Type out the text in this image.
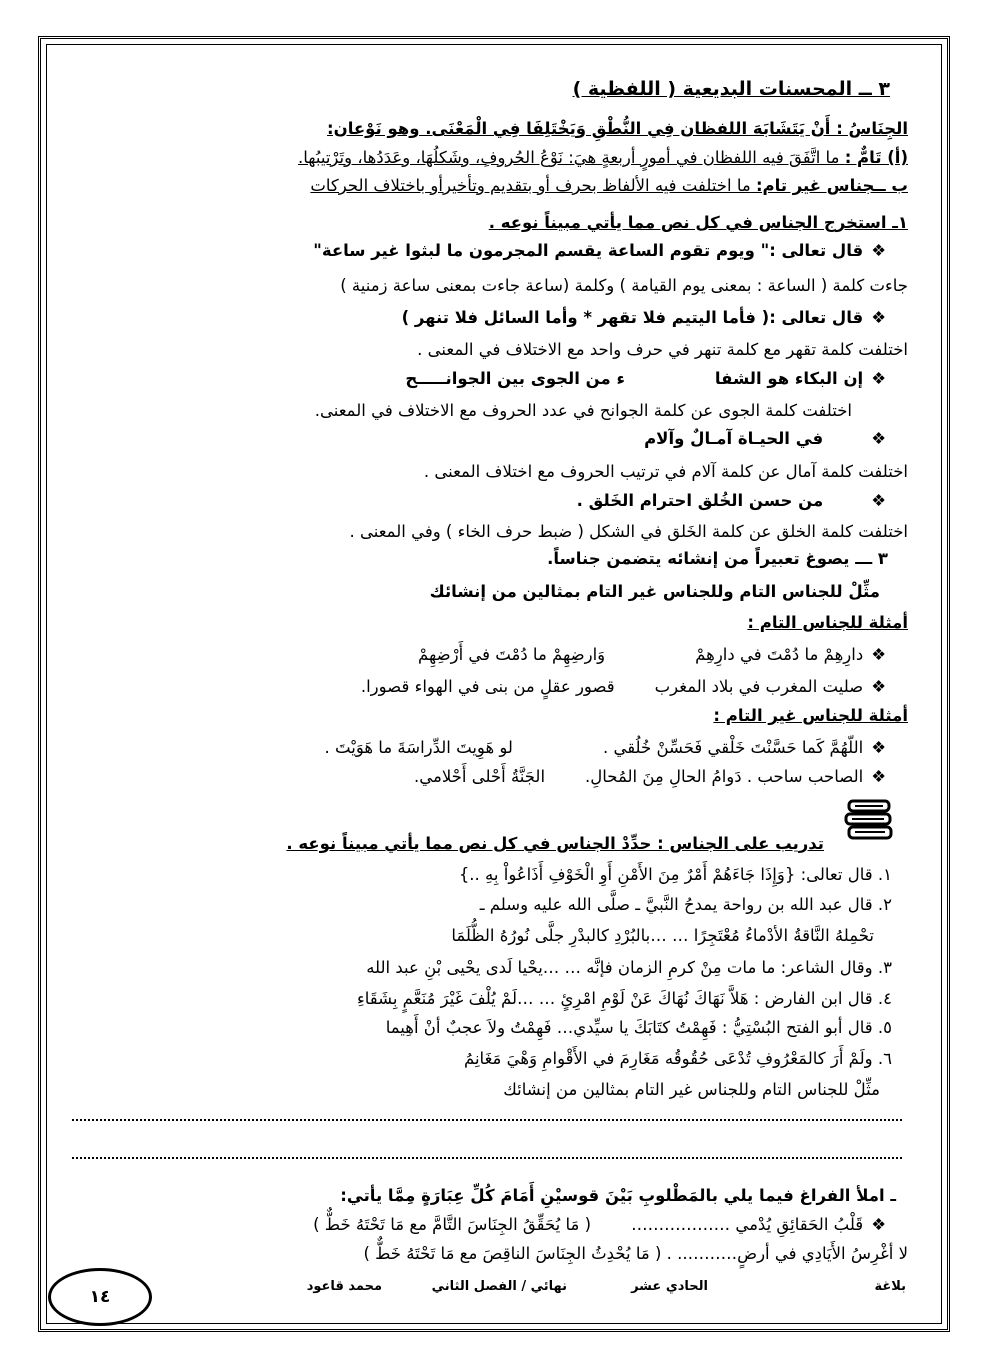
٣ ــ المحسنات البديعية ( اللفظية )
الجِنَاسُ : أَنْ يَتَشَابَهَ اللفظان فِي النُّطْقِ وَيَخْتَلِفَا فِي الْمَعْنَى. وهو نَوْعان:
(أ) تَامٌّ : ما اتَّفَقَ فيه اللفظان في أمورٍ أربعةٍ هيَ: نَوْعُ الحُروفِ، وشَكلُهَا، وعَدَدُها، وتَرْتيبُها.
ب ــجناس غير تام: ما اختلفت فيه الألفاظ بحرف أو بتقديم وتأخيرأو باختلاف الحركات
١ـ استخرج الجناس في كل نص مما يأتي مبيناً نوعه .
❖قال تعالى :" ويوم تقوم الساعة يقسم المجرمون ما لبثوا غير ساعة"
جاءت كلمة ( الساعة : بمعنى يوم القيامة ) وكلمة (ساعة جاءت بمعنى ساعة زمنية )
❖قال تعالى :( فأما اليتيم فلا تقهر * وأما السائل فلا تنهر )
اختلفت كلمة تقهر مع كلمة تنهر في حرف واحد مع الاختلاف في المعنى .
❖إن البكاء هو الشفاء من الجوى بين الجوانـــــح
اختلفت كلمة الجوى عن كلمة الجوانح في عدد الحروف مع الاختلاف في المعنى.
❖في الحيـاة آمـالٌ وآلام
اختلفت كلمة آمال عن كلمة آلام في ترتيب الحروف مع اختلاف المعنى .
❖من حسن الخُلق احترام الخَلق .
اختلفت كلمة الخلق عن كلمة الخَلق في الشكل ( ضبط حرف الخاء ) وفي المعنى .
٣ ـــ يصوغ تعبيراً من إنشائه يتضمن جناساً.
مثِّلْ للجناس التام وللجناس غير التام بمثالين من إنشائك
أمثلة للجناس التام :
❖دارِهِمْ ما دُمْتَ في دارِهِمْوَارضِهِمْ ما دُمْتَ في أَرْضِهِمْ
❖صليت المغرب في بلاد المغربقصور عقلٍ من بنى في الهواء قصورا.
أمثلة للجناس غير التام :
❖اللّهُمَّ كَما حَسَّنْتَ خَلْقي فَحَسِّنْ خُلُقي .لو هَوِيتَ الدِّراسَةَ ما هَوَيْتَ .
❖الصاحب ساحب . دَوامُ الحالِ مِنَ المُحالِ.الجَنَّةُ أَحْلى أَحْلامي.
تدريب على الجناس : حدِّدْ الجناس في كل نص مما يأتي مبيناً نوعه .
١. قال تعالى: {وَإِذَا جَاءَهُمْ أَمْرٌ مِنَ الأَمْنِ أَوِ الْخَوْفِ أَذَاعُواْ بِهِ ..}
٢. قال عبد الله بن رواحة يمدحُ النَّبيَّ ـ صلَّى الله عليه وسلم ـ
تحْمِلهُ النَّاقةُ الأدْماءُ مُعْتَجِرًا … …بالبُرْدِ كالبدْرِ جلَّى نُورُهُ الظُّلَمَا
٣. وقال الشاعر: ما مات مِنْ كرمِ الزمان فإنَّه … …يحْيا لَدى يحْيى بْنِ عبد الله
٤. قال ابن الفارض : هَلاَّ نَهَاكَ نُهَاكَ عَنْ لَوْمِ امْرِئٍ … …لَمْ يُلْفَ غَيْرَ مُنَعَّمٍ بِشَقَاءِ
٥. قال أبو الفتح البُسْتِيُّ : فَهِمْتُ كتَابَكَ يا سيِّدي… فَهِمْتُ ولاَ عجبٌ أنْ أَهِيما
٦. ولَمْ أَرَ كالمَعْرُوفِ تُدْعَى حُقُوقُه مَغَارِمَ في الأَقْوامِ وَهْيَ مَغَانِمُ
مثِّلْ للجناس التام وللجناس غير التام بمثالين من إنشائك
ـ املأ الفراغ فيما يلي بالمَطْلوبِ بَيْنَ قوسيْنِ أَمَامَ كُلِّ عِبَارَةٍ مِمَّا يأتي:
❖قَلْبُ الحَقائِقِ يُدْمي ………………( مَا يُحَقِّقُ الجِنَاسَ التَّامَّ مع مَا تَحْتَهُ خَطٌّ )
لا أغْرِسُ الأَيَادِي في أرضٍ……….. . ( مَا يُحْدِثُ الجِنَاسَ الناقِصَ مع مَا تَحْتَهُ خَطٌّ )
بلاغة
الحادي عشر
نهائي / الفصل الثاني
محمد قاعود
١٤
